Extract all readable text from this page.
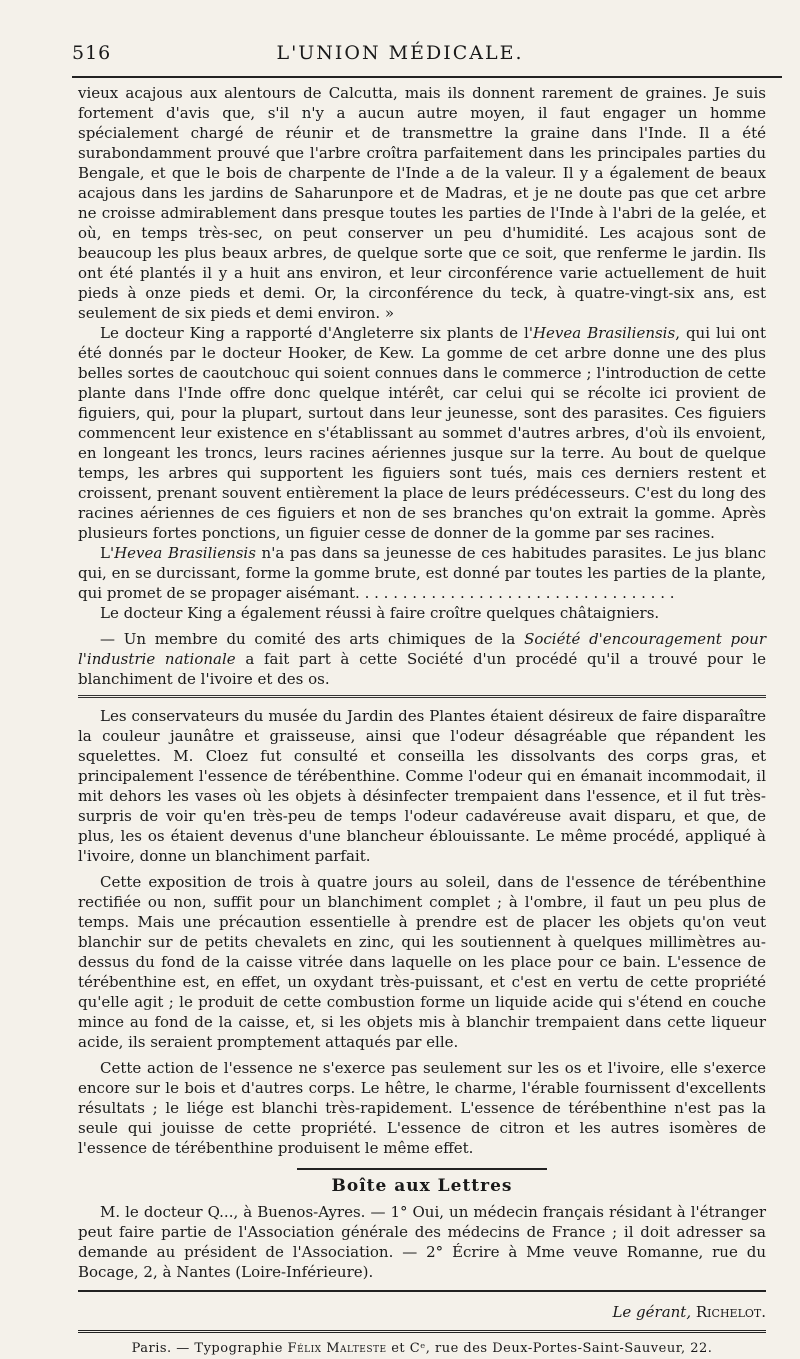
516	L'UNION MÉDICALE.

vieux acajous aux alentours de Calcutta, mais ils donnent rarement de graines. Je suis fortement d'avis que, s'il n'y a aucun autre moyen, il faut engager un homme spécialement chargé de réunir et de transmettre la graine dans l'Inde. Il a été surabondamment prouvé que l'arbre croîtra parfaitement dans les principales parties du Bengale, et que le bois de charpente de l'Inde a de la valeur. Il y a également de beaux acajous dans les jardins de Saharunpore et de Madras, et je ne doute pas que cet arbre ne croisse admirablement dans presque toutes les parties de l'Inde à l'abri de la gelée, et où, en temps très-sec, on peut conserver un peu d'humidité. Les acajous sont de beaucoup les plus beaux arbres, de quelque sorte que ce soit, que renferme le jardin. Ils ont été plantés il y a huit ans environ, et leur circonférence varie actuellement de huit pieds à onze pieds et demi. Or, la circonférence du teck, à quatre-vingt-six ans, est seulement de six pieds et demi environ. »

Le docteur King a rapporté d'Angleterre six plants de l'Hevea Brasiliensis, qui lui ont été donnés par le docteur Hooker, de Kew. La gomme de cet arbre donne une des plus belles sortes de caoutchouc qui soient connues dans le commerce ; l'introduction de cette plante dans l'Inde offre donc quelque intérêt, car celui qui se récolte ici provient de figuiers, qui, pour la plupart, surtout dans leur jeunesse, sont des parasites. Ces figuiers commencent leur existence en s'établissant au sommet d'autres arbres, d'où ils envoient, en longeant les troncs, leurs racines aériennes jusque sur la terre. Au bout de quelque temps, les arbres qui supportent les figuiers sont tués, mais ces derniers restent et croissent, prenant souvent entièrement la place de leurs prédécesseurs. C'est du long des racines aériennes de ces figuiers et non de ses branches qu'on extrait la gomme. Après plusieurs fortes ponctions, un figuier cesse de donner de la gomme par ses racines.

L'Hevea Brasiliensis n'a pas dans sa jeunesse de ces habitudes parasites. Le jus blanc qui, en se durcissant, forme la gomme brute, est donné par toutes les parties de la plante, qui promet de se propager aisémant. . . . . . . . . . . . . . . . . . . . . . . . . . . . . . . . . .

Le docteur King a également réussi à faire croître quelques châtaigniers.

— Un membre du comité des arts chimiques de la Société d'encouragement pour l'industrie nationale a fait part à cette Société d'un procédé qu'il a trouvé pour le blanchiment de l'ivoire et des os.

Les conservateurs du musée du Jardin des Plantes étaient désireux de faire disparaître la couleur jaunâtre et graisseuse, ainsi que l'odeur désagréable que répandent les squelettes. M. Cloez fut consulté et conseilla les dissolvants des corps gras, et principalement l'essence de térébenthine. Comme l'odeur qui en émanait incommodait, il mit dehors les vases où les objets à désinfecter trempaient dans l'essence, et il fut très-surpris de voir qu'en très-peu de temps l'odeur cadavéreuse avait disparu, et que, de plus, les os étaient devenus d'une blancheur éblouissante. Le même procédé, appliqué à l'ivoire, donne un blanchiment parfait.

Cette exposition de trois à quatre jours au soleil, dans de l'essence de térébenthine rectifiée ou non, suffit pour un blanchiment complet ; à l'ombre, il faut un peu plus de temps. Mais une précaution essentielle à prendre est de placer les objets qu'on veut blanchir sur de petits chevalets en zinc, qui les soutiennent à quelques millimètres au-dessus du fond de la caisse vitrée dans laquelle on les place pour ce bain. L'essence de térébenthine est, en effet, un oxydant très-puissant, et c'est en vertu de cette propriété qu'elle agit ; le produit de cette combustion forme un liquide acide qui s'étend en couche mince au fond de la caisse, et, si les objets mis à blanchir trempaient dans cette liqueur acide, ils seraient promptement attaqués par elle.

Cette action de l'essence ne s'exerce pas seulement sur les os et l'ivoire, elle s'exerce encore sur le bois et d'autres corps. Le hêtre, le charme, l'érable fournissent d'excellents résultats ; le liége est blanchi très-rapidement. L'essence de térébenthine n'est pas la seule qui jouisse de cette propriété. L'essence de citron et les autres isomères de l'essence de térébenthine produisent le même effet.

Boîte aux Lettres

M. le docteur Q..., à Buenos-Ayres. — 1° Oui, un médecin français résidant à l'étranger peut faire partie de l'Association générale des médecins de France ; il doit adresser sa demande au président de l'Association. — 2° Écrire à Mme veuve Romanne, rue du Bocage, 2, à Nantes (Loire-Inférieure).

Le gérant, Richelot.
Paris. — Typographie Félix Malteste et Cᵉ, rue des Deux-Portes-Saint-Sauveur, 22.
